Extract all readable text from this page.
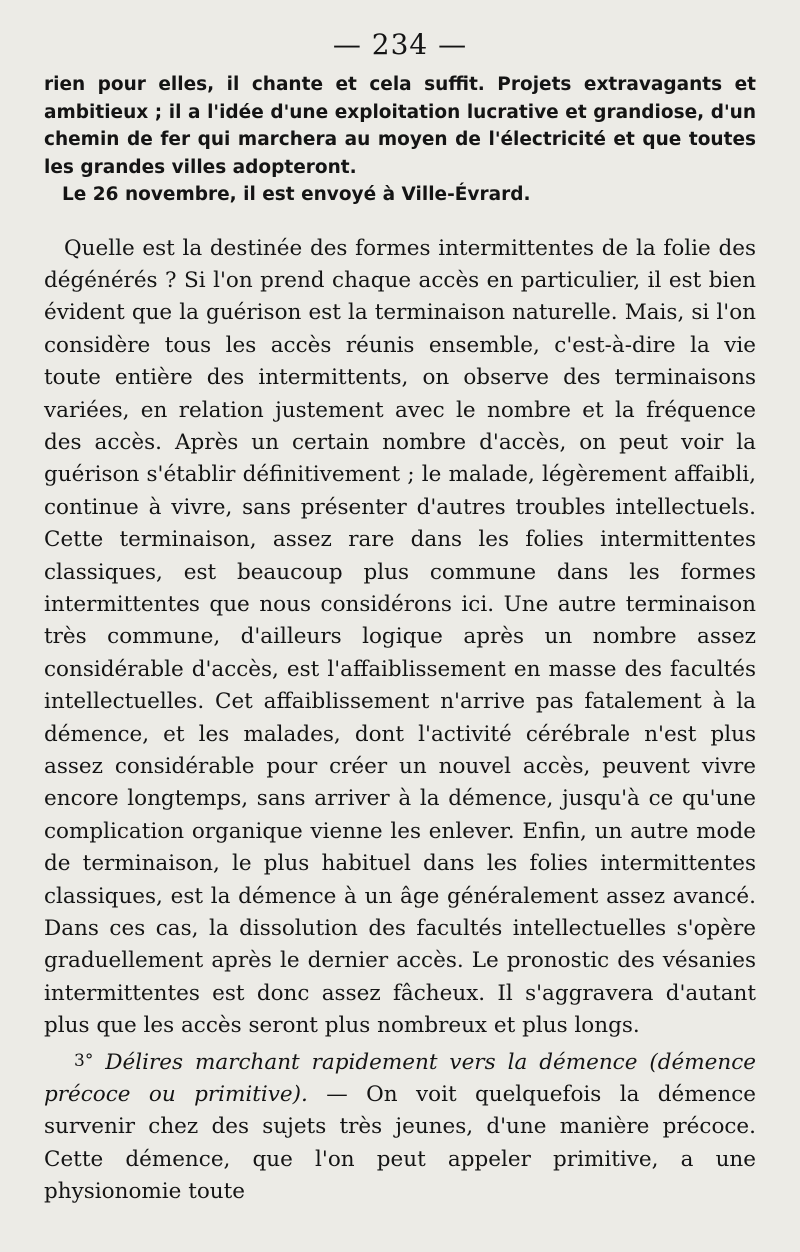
— 234 —

rien pour elles, il chante et cela suffit. Projets extravagants et ambitieux ; il a l'idée d'une exploitation lucrative et grandiose, d'un chemin de fer qui marchera au moyen de l'électricité et que toutes les grandes villes adopteront.

Le 26 novembre, il est envoyé à Ville-Évrard.

Quelle est la destinée des formes intermittentes de la folie des dégénérés ? Si l'on prend chaque accès en particulier, il est bien évident que la guérison est la terminaison naturelle. Mais, si l'on considère tous les accès réunis ensemble, c'est-à-dire la vie toute entière des intermittents, on observe des terminaisons variées, en relation justement avec le nombre et la fréquence des accès. Après un certain nombre d'accès, on peut voir la guérison s'établir définitivement ; le malade, légèrement affaibli, continue à vivre, sans présenter d'autres troubles intellectuels. Cette terminaison, assez rare dans les folies intermittentes classiques, est beaucoup plus commune dans les formes intermittentes que nous considérons ici. Une autre terminaison très commune, d'ailleurs logique après un nombre assez considérable d'accès, est l'affaiblissement en masse des facultés intellectuelles. Cet affaiblissement n'arrive pas fatalement à la démence, et les malades, dont l'activité cérébrale n'est plus assez considérable pour créer un nouvel accès, peuvent vivre encore longtemps, sans arriver à la démence, jusqu'à ce qu'une complication organique vienne les enlever. Enfin, un autre mode de terminaison, le plus habituel dans les folies intermittentes classiques, est la démence à un âge généralement assez avancé. Dans ces cas, la dissolution des facultés intellectuelles s'opère graduellement après le dernier accès. Le pronostic des vésanies intermittentes est donc assez fâcheux. Il s'aggravera d'autant plus que les accès seront plus nombreux et plus longs.

3° Délires marchant rapidement vers la démence (démence précoce ou primitive). — On voit quelquefois la démence survenir chez des sujets très jeunes, d'une manière précoce. Cette démence, que l'on peut appeler primitive, a une physionomie toute
